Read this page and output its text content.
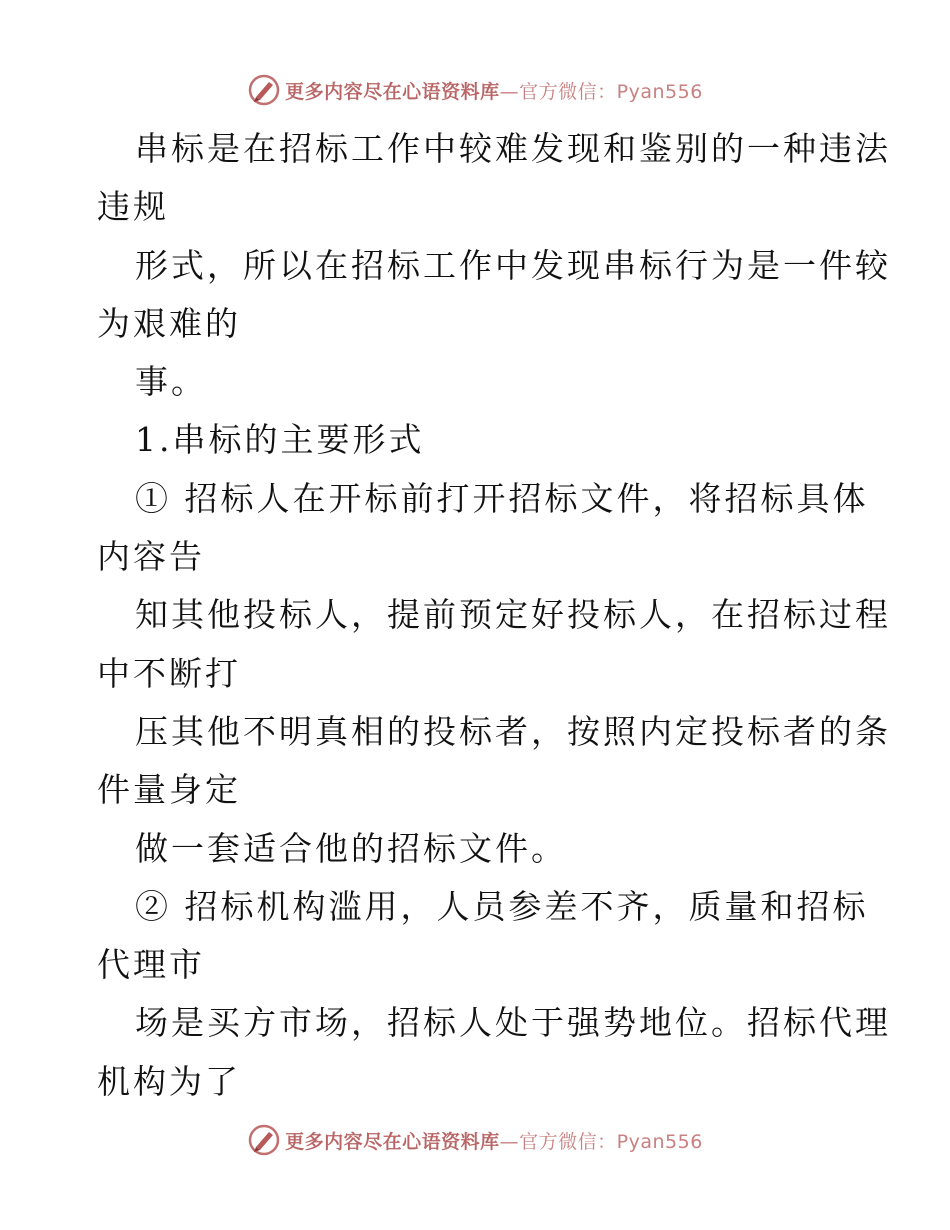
更多内容尽在心语资料库—官方微信：Pyan556
串标是在招标工作中较难发现和鉴别的一种违法
违规
形式，所以在招标工作中发现串标行为是一件较
为艰难的
事。
1.串标的主要形式
① 招标人在开标前打开招标文件，将招标具体
内容告
知其他投标人，提前预定好投标人，在招标过程
中不断打
压其他不明真相的投标者，按照内定投标者的条
件量身定
做一套适合他的招标文件。
② 招标机构滥用，人员参差不齐，质量和招标
代理市
场是买方市场，招标人处于强势地位。招标代理
机构为了
更多内容尽在心语资料库—官方微信：Pyan556
